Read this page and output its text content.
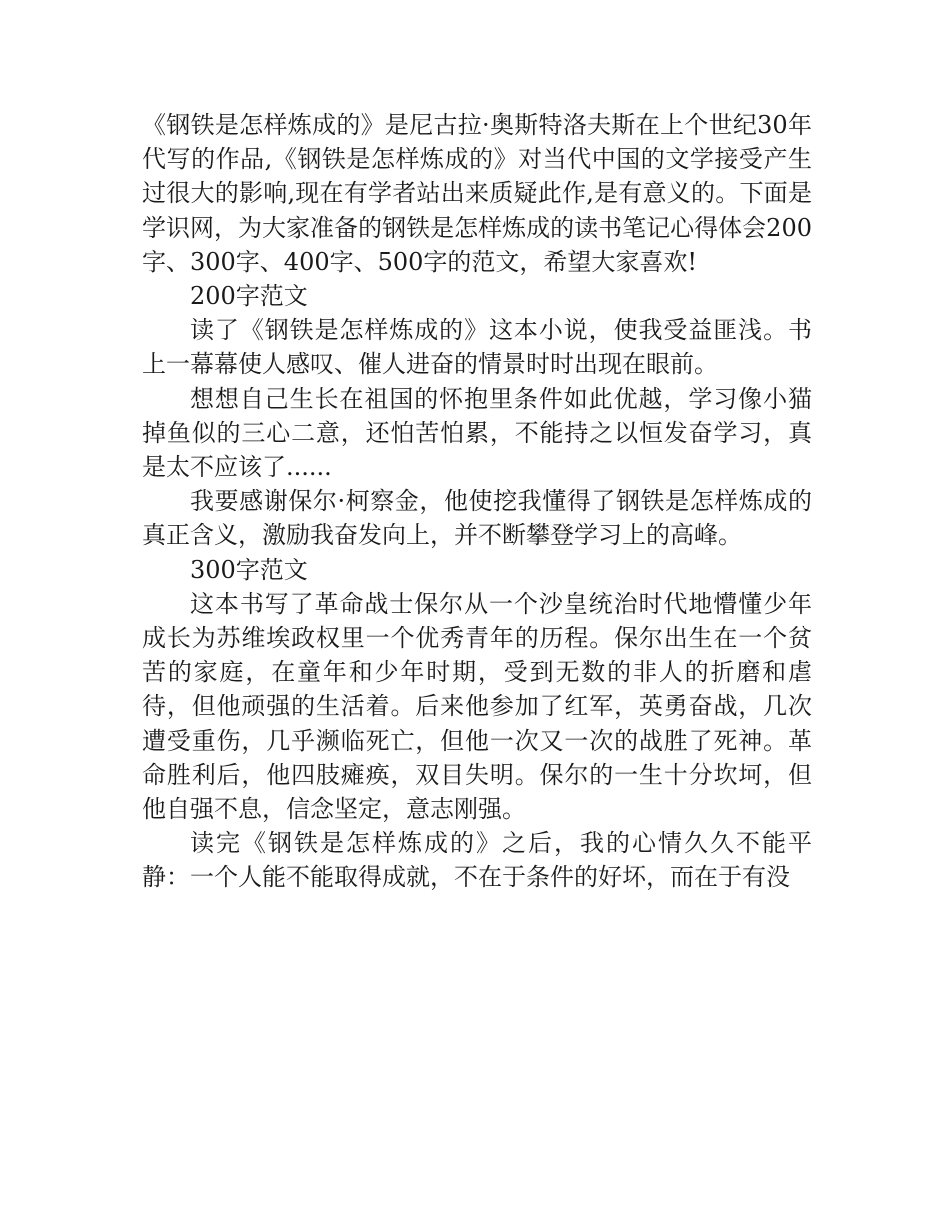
《钢铁是怎样炼成的》是尼古拉·奥斯特洛夫斯在上个世纪30年代写的作品,《钢铁是怎样炼成的》对当代中国的文学接受产生过很大的影响,现在有学者站出来质疑此作,是有意义的。下面是学识网，为大家准备的钢铁是怎样炼成的读书笔记心得体会200字、300字、400字、500字的范文，希望大家喜欢!

200字范文

读了《钢铁是怎样炼成的》这本小说，使我受益匪浅。书上一幕幕使人感叹、催人进奋的情景时时出现在眼前。

想想自己生长在祖国的怀抱里条件如此优越，学习像小猫掉鱼似的三心二意，还怕苦怕累，不能持之以恒发奋学习，真是太不应该了......

我要感谢保尔·柯察金，他使挖我懂得了钢铁是怎样炼成的真正含义，激励我奋发向上，并不断攀登学习上的高峰。

300字范文

这本书写了革命战士保尔从一个沙皇统治时代地懵懂少年成长为苏维埃政权里一个优秀青年的历程。保尔出生在一个贫苦的家庭，在童年和少年时期，受到无数的非人的折磨和虐待，但他顽强的生活着。后来他参加了红军，英勇奋战，几次遭受重伤，几乎濒临死亡，但他一次又一次的战胜了死神。革命胜利后，他四肢瘫痪，双目失明。保尔的一生十分坎坷，但他自强不息，信念坚定，意志刚强。

读完《钢铁是怎样炼成的》之后，我的心情久久不能平静：一个人能不能取得成就，不在于条件的好坏，而在于有没
